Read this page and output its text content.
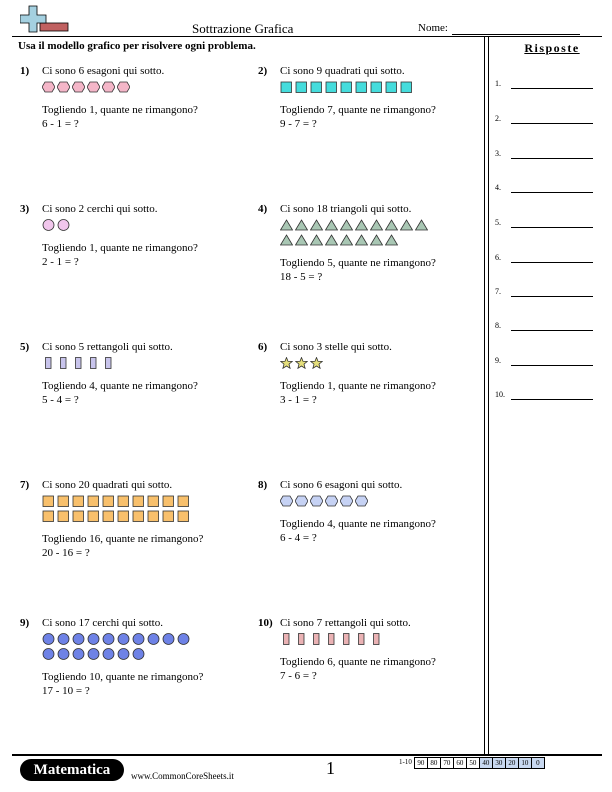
Sottrazione Grafica	Nome:
Usa il modello grafico per risolvere ogni problema.	Risposte
1.
2.
3.
4.
5.
6.
7.
8.
9.
10.
1) Ci sono 6 esagoni qui sotto.
Togliendo 1, quante ne rimangono?
6 - 1 = ?
2) Ci sono 9 quadrati qui sotto.
Togliendo 7, quante ne rimangono?
9 - 7 = ?
3) Ci sono 2 cerchi qui sotto.
Togliendo 1, quante ne rimangono?
2 - 1 = ?
4) Ci sono 18 triangoli qui sotto.
Togliendo 5, quante ne rimangono?
18 - 5 = ?
5) Ci sono 5 rettangoli qui sotto.
Togliendo 4, quante ne rimangono?
5 - 4 = ?
6) Ci sono 3 stelle qui sotto.
Togliendo 1, quante ne rimangono?
3 - 1 = ?
7) Ci sono 20 quadrati qui sotto.
Togliendo 16, quante ne rimangono?
20 - 16 = ?
8) Ci sono 6 esagoni qui sotto.
Togliendo 4, quante ne rimangono?
6 - 4 = ?
9) Ci sono 17 cerchi qui sotto.
Togliendo 10, quante ne rimangono?
17 - 10 = ?
10) Ci sono 7 rettangoli qui sotto.
Togliendo 6, quante ne rimangono?
7 - 6 = ?
Matematica	www.CommonCoreSheets.it	1	1-10 90 80 70 60 50 40 30 20 10	0
